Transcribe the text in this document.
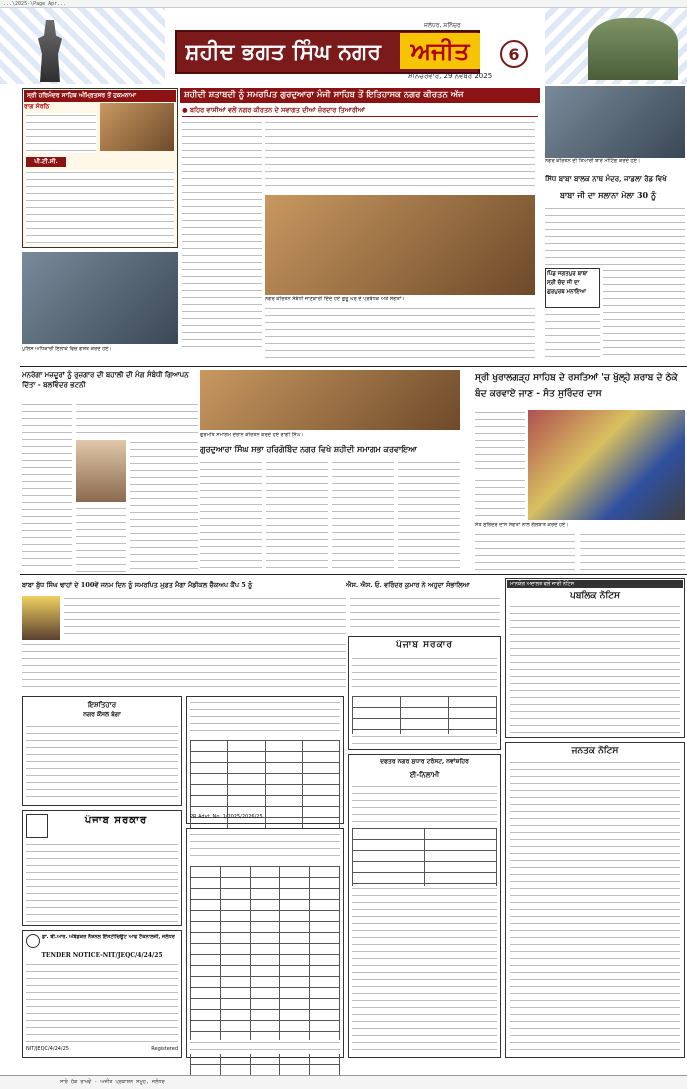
...\2025-\Page Apr...
ਸ਼ਹੀਦ ਭਗਤ ਸਿੰਘ ਨਗਰ	ਅਜੀਤ
ਜਲੰਧਰ, ਸ਼ਨਿੱਚਰ
ਸ਼ਨਿੱਚਰਵਾਰ, 29 ਨਵੰਬਰ 2025
6
ਸ੍ਰੀ ਹਰਿਮੰਦਰ ਸਾਹਿਬ ਅੰਮ੍ਰਿਤਸਰ ਤੋਂ ਹੁਕਮਨਾਮਾ
ਰਾਗ ਸੋਰਠਿ
ਪੀ.ਟੀ.ਸੀ.
ਪੁਲਿਸ ਅਧਿਕਾਰੀ ਇਲਾਕੇ ਵਿਚ ਗਸ਼ਤ ਕਰਦੇ ਹੋਏ।
ਸ਼ਹੀਦੀ ਸ਼ਤਾਬਦੀ ਨੂੰ ਸਮਰਪਿਤ ਗੁਰਦੁਆਰਾ ਮੰਜੀ ਸਾਹਿਬ ਤੋਂ ਇਤਿਹਾਸਕ ਨਗਰ ਕੀਰਤਨ ਅੱਜ
● ਬਹਿਰ ਵਾਸੀਆਂ ਵਲੋਂ ਨਗਰ ਕੀਰਤਨ ਦੇ ਸਵਾਗਤ ਦੀਆਂ ਜ਼ੋਰਦਾਰ ਤਿਆਰੀਆਂ
ਨਗਰ ਕੀਰਤਨ ਸੰਬੰਧੀ ਜਾਣਕਾਰੀ ਦਿੰਦੇ ਹੋਏ ਗੁਰੂ ਘਰ ਦੇ ਪ੍ਰਬੰਧਕ ਅਤੇ ਸੰਗਤਾਂ।
ਨਗਰ ਕੀਰਤਨ ਦੀ ਤਿਆਰੀ ਬਾਰੇ ਮੀਟਿੰਗ ਕਰਦੇ ਹੋਏ।
ਸਿੱਧ ਬਾਬਾ ਬਾਲਕ ਨਾਥ ਮੰਦਰ, ਜਾਡਲਾ ਰੋਡ ਵਿਖੇ
ਬਾਬਾ ਜੀ ਦਾ ਸਲਾਨਾ ਮੇਲਾ 30 ਨੂੰ
ਪਿੰਡ ਜਗਤਪੁਰ ਬਾਬਾ ਸ੍ਰੀ ਚੰਦ ਜੀ ਦਾ ਗੁਰਪੁਰਬ ਮਨਾਇਆ
ਮਨਰੇਗਾ ਮਜ਼ਦੂਰਾਂ ਨੂੰ ਰੁਜ਼ਗਾਰ ਦੀ ਬਹਾਲੀ ਦੀ ਮੰਗ ਸੰਬੰਧੀ ਗਿਆਪਨ ਦਿੱਤਾ - ਬਲਵਿੰਦਰ ਭਟਨੀ
ਗੁਰਮਤਿ ਸਮਾਗਮ ਦੌਰਾਨ ਕੀਰਤਨ ਕਰਦੇ ਹੋਏ ਰਾਗੀ ਸਿੰਘ।
ਗੁਰਦੁਆਰਾ ਸਿੰਘ ਸਭਾ ਹਰਿਗੋਬਿੰਦ ਨਗਰ ਵਿਖੇ ਸ਼ਹੀਦੀ ਸਮਾਗਮ ਕਰਵਾਇਆ
ਸ੍ਰੀ ਖੁਰਾਲਗੜ੍ਹ ਸਾਹਿਬ ਦੇ ਰਸਤਿਆਂ 'ਚ ਖੁੱਲ੍ਹੇ ਸ਼ਰਾਬ ਦੇ ਠੇਕੇ ਬੰਦ ਕਰਵਾਏ ਜਾਣ - ਸੰਤ ਸੁਰਿੰਦਰ ਦਾਸ
ਸੰਤ ਸੁਰਿੰਦਰ ਦਾਸ ਸੰਗਤਾਂ ਨਾਲ ਗੱਲਬਾਤ ਕਰਦੇ ਹੋਏ।
ਬਾਬਾ ਬੁੱਧ ਸਿੰਘ ਢਾਹਾਂ ਦੇ 100ਵੇਂ ਜਨਮ ਦਿਨ ਨੂੰ ਸਮਰਪਿਤ ਮੁਫ਼ਤ ਮੈਗਾ ਮੈਡੀਕਲ ਚੈੱਕਅਪ ਕੈਂਪ 5 ਨੂੰ	ਐਸ. ਐਸ. ਓ. ਵਰਿੰਦਰ ਕੁਮਾਰ ਨੇ ਅਹੁਦਾ ਸੰਭਾਲਿਆ	ਮਾਨਯੋਗ ਅਦਾਲਤ ਵਲੋਂ ਜਾਰੀ ਨੋਟਿਸ
ਪਬਲਿਕ ਨੋਟਿਸ
ਜਨਤਕ ਨੋਟਿਸ
ਇਸ਼ਤਿਹਾਰ
ਨਗਰ ਕੌਂਸਲ ਬੰਗਾ
ਪੰਜਾਬ ਸਰਕਾਰ
ਡਾ. ਬੀ.ਆਰ. ਅੰਬੇਡਕਰ ਨੈਸ਼ਨਲ ਇੰਸਟੀਚਿਊਟ ਆਫ ਟੈਕਨਾਲੋਜੀ, ਜਲੰਧਰ
TENDER NOTICE-NIT/JEQC/4/24/25
NIT/JEQC/4/24/25	Registered

PR Advt. No. 1/2025/2026/25

ਪੰਜਾਬ ਸਰਕਾਰ

ਦਫਤਰ ਨਗਰ ਸੁਧਾਰ ਟਰੱਸਟ, ਨਵਾਂਸ਼ਹਿਰ
ਈ-ਨਿਲਾਮੀ

ਸਾਰੇ ਹੱਕ ਰਾਖਵੇਂ - ਅਜੀਤ ਪ੍ਰਕਾਸ਼ਨ ਸਮੂਹ, ਜਲੰਧਰ
